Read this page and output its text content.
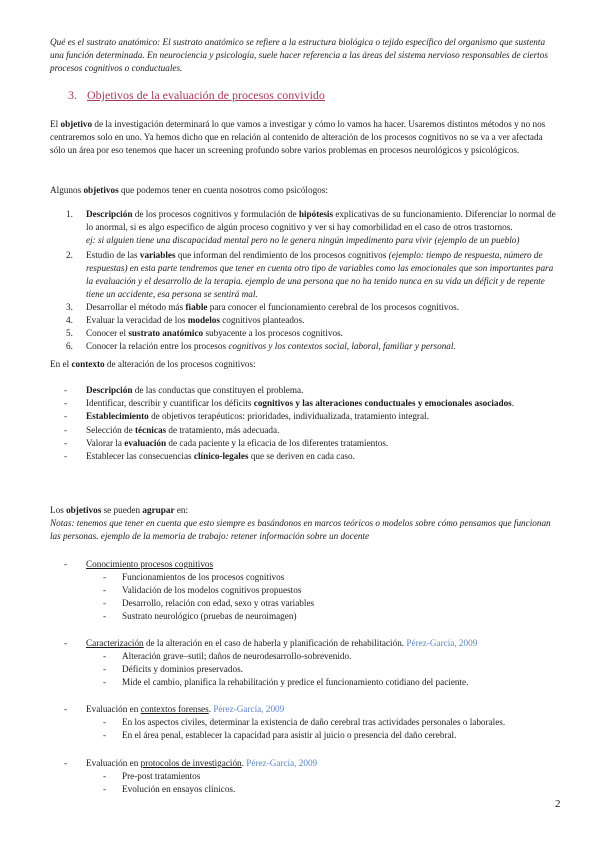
Qué es el sustrato anatómico: El sustrato anatómico se refiere a la estructura biológica o tejido específico del organismo que sustenta una función determinada. En neurociencia y psicología, suele hacer referencia a las áreas del sistema nervioso responsables de ciertos procesos cognitivos o conductuales.
3. Objetivos de la evaluación de procesos convivido
El objetivo de la investigación determinará lo que vamos a investigar y cómo lo vamos ha hacer. Usaremos distintos métodos y no nos centraremos solo en uno. Ya hemos dicho que en relación al contenido de alteración de los procesos cognitivos no se va a ver afectada sólo un área por eso tenemos que hacer un screening profundo sobre varios problemas en procesos neurológicos y psicológicos.
Algunos objetivos que podemos tener en cuenta nosotros como psicólogos:
1. Descripción de los procesos cognitivos y formulación de hipótesis explicativas de su funcionamiento. Diferenciar lo normal de lo anormal, si es algo específico de algún proceso cognitivo y ver si hay comorbilidad en el caso de otros trastornos.
ej: si alguien tiene una discapacidad mental pero no le genera ningún impedimento para vivir (ejemplo de un pueblo)
2. Estudio de las variables que informan del rendimiento de los procesos cognitivos (ejemplo: tiempo de respuesta, número de respuestas) en esta parte tendremos que tener en cuenta otro tipo de variables como las emocionales que son importantes para la evaluación y el desarrollo de la terapia. ejemplo de una persona que no ha tenido nunca en su vida un déficit y de repente tiene un accidente, esa persona se sentirá mal.
3. Desarrollar el método más fiable para conocer el funcionamiento cerebral de los procesos cognitivos.
4. Evaluar la veracidad de los modelos cognitivos planteados.
5. Conocer el sustrato anatómico subyacente a los procesos cognitivos.
6. Conocer la relación entre los procesos cognitivos y los contextos social, laboral, familiar y personal.
En el contexto de alteración de los procesos cognitivos:
- Descripción de las conductas que constituyen el problema.
- Identificar, describir y cuantificar los déficits cognitivos y las alteraciones conductuales y emocionales asociados.
- Establecimiento de objetivos terapéuticos: prioridades, individualizada, tratamiento integral.
- Selección de técnicas de tratamiento, más adecuada.
- Valorar la evaluación de cada paciente y la eficacia de los diferentes tratamientos.
- Establecer las consecuencias clínico-legales que se deriven en cada caso.
Los objetivos se pueden agrupar en:
Notas: tenemos que tener en cuenta que esto siempre es basándonos en marcos teóricos o modelos sobre cómo pensamos que funcionan las personas. ejemplo de la memoria de trabajo: retener información sobre un docente
- Conocimiento procesos cognitivos
- Funcionamientos de los procesos cognitivos
- Validación de los modelos cognitivos propuestos
- Desarrollo, relación con edad, sexo y otras variables
- Sustrato neurológico (pruebas de neuroimagen)
- Caracterización de la alteración en el caso de haberla y planificación de rehabilitación. Pérez-García, 2009
- Alteración grave–sutil; daños de neurodesarrollo-sobrevenido.
- Déficits y dominios preservados.
- Mide el cambio, planifica la rehabilitación y predice el funcionamiento cotidiano del paciente.
- Evaluación en contextos forenses. Pérez-García, 2009
- En los aspectos civiles, determinar la existencia de daño cerebral tras actividades personales o laborales.
- En el área penal, establecer la capacidad para asistir al juicio o presencia del daño cerebral.
- Evaluación en protocolos de investigación. Pérez-García, 2009
- Pre-post tratamientos
- Evolución en ensayos clínicos.
2
